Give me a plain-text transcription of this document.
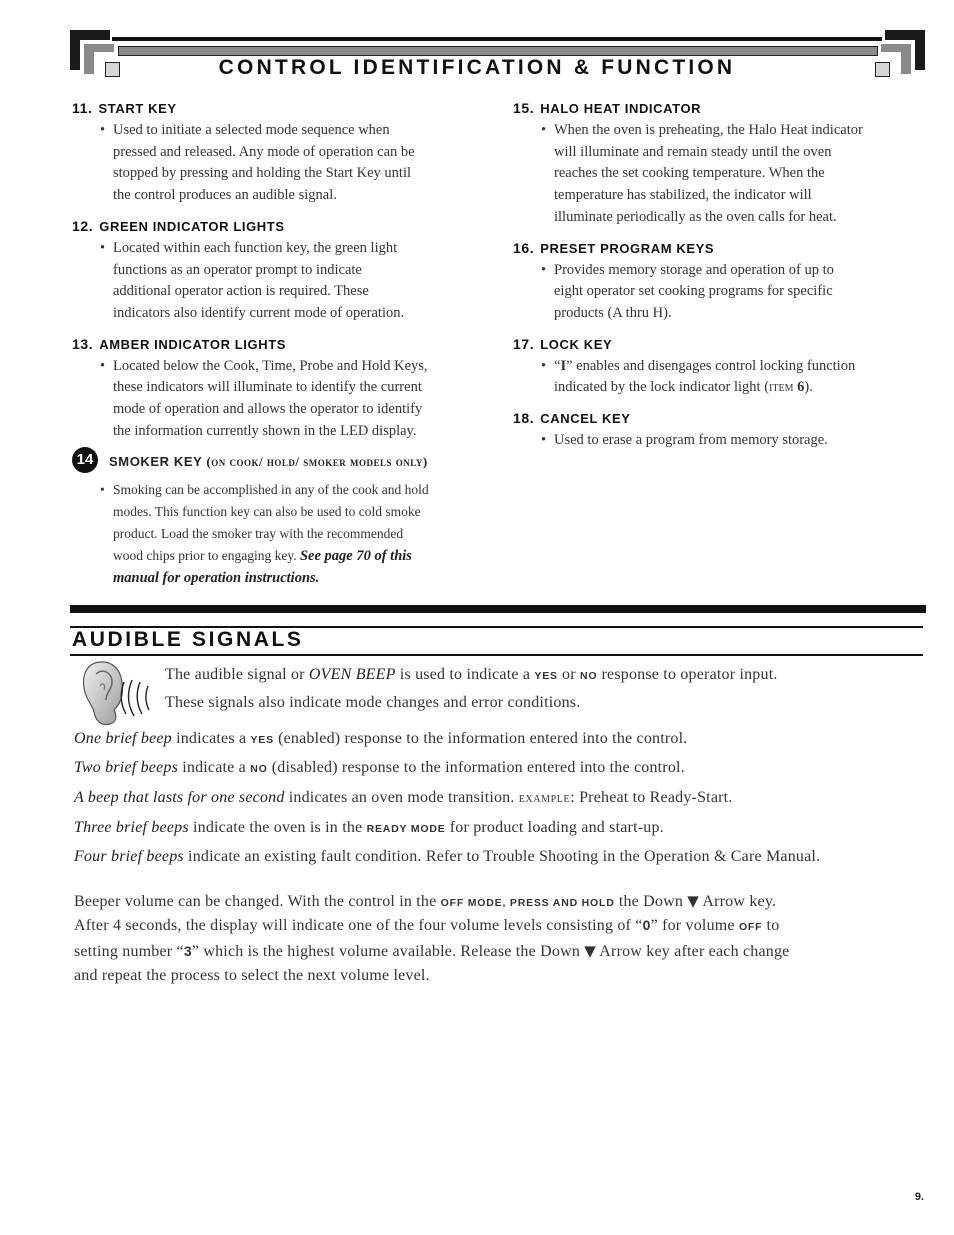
CONTROL IDENTIFICATION & FUNCTION
11. START KEY
• Used to initiate a selected mode sequence when
pressed and released. Any mode of operation can be
stopped by pressing and holding the Start Key until
the control produces an audible signal.
12. GREEN INDICATOR LIGHTS
• Located within each function key, the green light
functions as an operator prompt to indicate
additional operator action is required. These
indicators also identify current mode of operation.
13. AMBER INDICATOR LIGHTS
• Located below the Cook, Time, Probe and Hold Keys,
these indicators will illuminate to identify the current
mode of operation and allows the operator to identify
the information currently shown in the LED display.
14	SMOKER KEY (on cook/ hold/ smoker models only)
• Smoking can be accomplished in any of the cook and hold
modes. This function key can also be used to cold smoke
product. Load the smoker tray with the recommended
wood chips prior to engaging key. See page 70 of this
manual for operation instructions.
15. HALO HEAT INDICATOR
• When the oven is preheating, the Halo Heat indicator
will illuminate and remain steady until the oven
reaches the set cooking temperature. When the
temperature has stabilized, the indicator will
illuminate periodically as the oven calls for heat.
16. PRESET PROGRAM KEYS
• Provides memory storage and operation of up to
eight operator set cooking programs for specific
products (A thru H).
17. LOCK KEY
• “I” enables and disengages control locking function
indicated by the lock indicator light (item 6).
18. CANCEL KEY
• Used to erase a program from memory storage.
AUDIBLE SIGNALS
The audible signal or OVEN BEEP is used to indicate a YES or NO response to operator input.
These signals also indicate mode changes and error conditions.
One brief beep indicates a YES (enabled) response to the information entered into the control.
Two brief beeps indicate a NO (disabled) response to the information entered into the control.
A beep that lasts for one second indicates an oven mode transition. example: Preheat to Ready-Start.
Three brief beeps indicate the oven is in the READY MODE for product loading and start-up.
Four brief beeps indicate an existing fault condition. Refer to Trouble Shooting in the Operation & Care Manual.
Beeper volume can be changed. With the control in the OFF MODE, PRESS AND HOLD the Down ▼ Arrow key.
After 4 seconds, the display will indicate one of the four volume levels consisting of “0” for volume OFF to
setting number “3” which is the highest volume available. Release the Down ▼ Arrow key after each change
and repeat the process to select the next volume level.
9.
